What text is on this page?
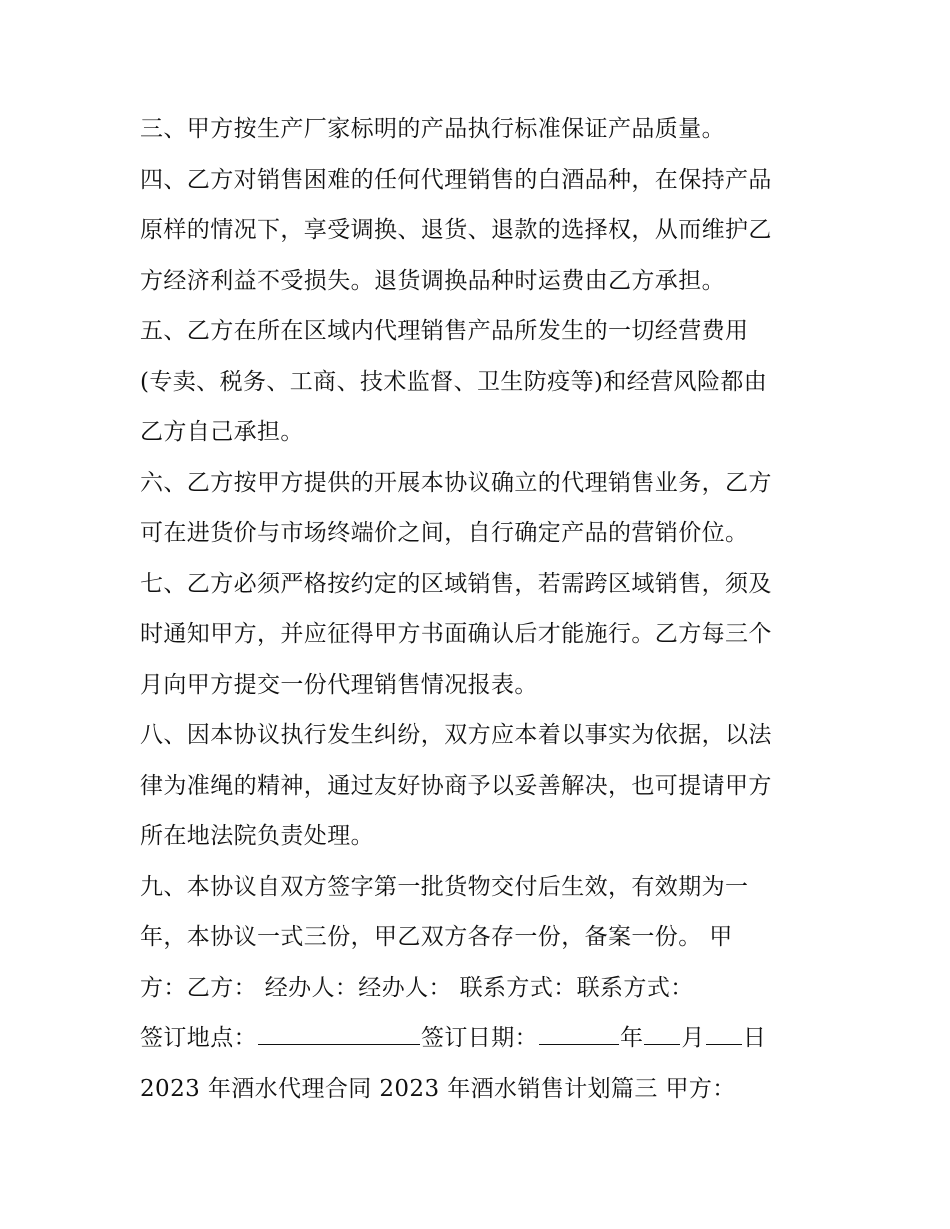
三、甲方按生产厂家标明的产品执行标准保证产品质量。
四、乙方对销售困难的任何代理销售的白酒品种，在保持产品
原样的情况下，享受调换、退货、退款的选择权，从而维护乙
方经济利益不受损失。退货调换品种时运费由乙方承担。
五、乙方在所在区域内代理销售产品所发生的一切经营费用
(专卖、税务、工商、技术监督、卫生防疫等)和经营风险都由
乙方自己承担。
六、乙方按甲方提供的开展本协议确立的代理销售业务，乙方
可在进货价与市场终端价之间，自行确定产品的营销价位。
七、乙方必须严格按约定的区域销售，若需跨区域销售，须及
时通知甲方，并应征得甲方书面确认后才能施行。乙方每三个
月向甲方提交一份代理销售情况报表。
八、因本协议执行发生纠纷，双方应本着以事实为依据，以法
律为准绳的精神，通过友好协商予以妥善解决，也可提请甲方
所在地法院负责处理。
九、本协议自双方签字第一批货物交付后生效，有效期为一
年，本协议一式三份，甲乙双方各存一份，备案一份。 甲
方：乙方： 经办人：经办人： 联系方式：联系方式：
签订地点：	签订日期：	年 月 日
2023 年酒水代理合同 2023 年酒水销售计划篇三 甲方：
